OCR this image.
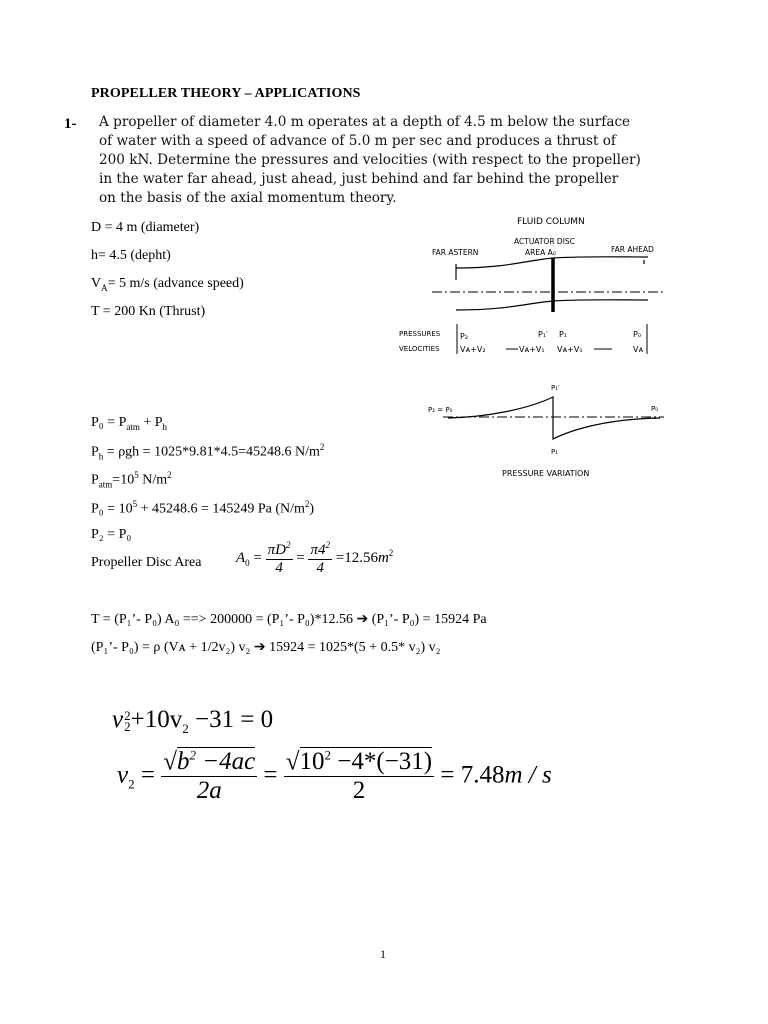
PROPELLER THEORY – APPLICATIONS
1- A propeller of diameter 4.0 m operates at a depth of 4.5 m below the surface
of water with a speed of advance of 5.0 m per sec and produces a thrust of
200 kN. Determine the pressures and velocities (with respect to the propeller)
in the water far ahead, just ahead, just behind and far behind the propeller
on the basis of the axial momentum theory.
D = 4 m (diameter)
h= 4.5 (depht)
$V_A= 5$ m/s (advance speed)
T = 200 Kn (Thrust)
FLUID COLUMN
ACTUATOR DISC
AREA A₀
FAR ASTERN	FAR AHEAD
PRESSURES
VELOCITIES
P₂	P₁′ P₁	P₀
Vᴀ+V₂	Vᴀ+V₁ Vᴀ+V₁	Vᴀ
P₁′
P₂ = P₀	P₀
P₁
PRESSURE VARIATION
$P_0 = P_{atm} + P_h$
$P_h = \rho gh = 1025*9.81*4.5=45248.6$ $N/m^2$
$P_{atm}=10^5$ $N/m^2$
$P_0 = 10^5 + 45248.6 = 145249$ Pa $(N/m^2)$
P₂ = P₀
Propeller Disc Area $A_0 = \frac{\pi D^2}{4} = \frac{\pi 4^2}{4} =12.56m^2$
T = (P₁’- P₀) A₀ ==> 200000 = (P₁’- P₀)*12.56 ➔ (P₁’- P₀) = 15924 Pa
(P₁’- P₀) = ρ (Vᴀ + 1/2v₂) v₂ ➔ 15924 = 1025*(5 + 0.5* v₂) v₂
v 2
$2 +10v_2 -31 = 0$
$v_2 = \frac{√b^2 -4ac}{2a} = \frac{√10^2 -4*(-31)}{2} = 7.48m / s$
1
